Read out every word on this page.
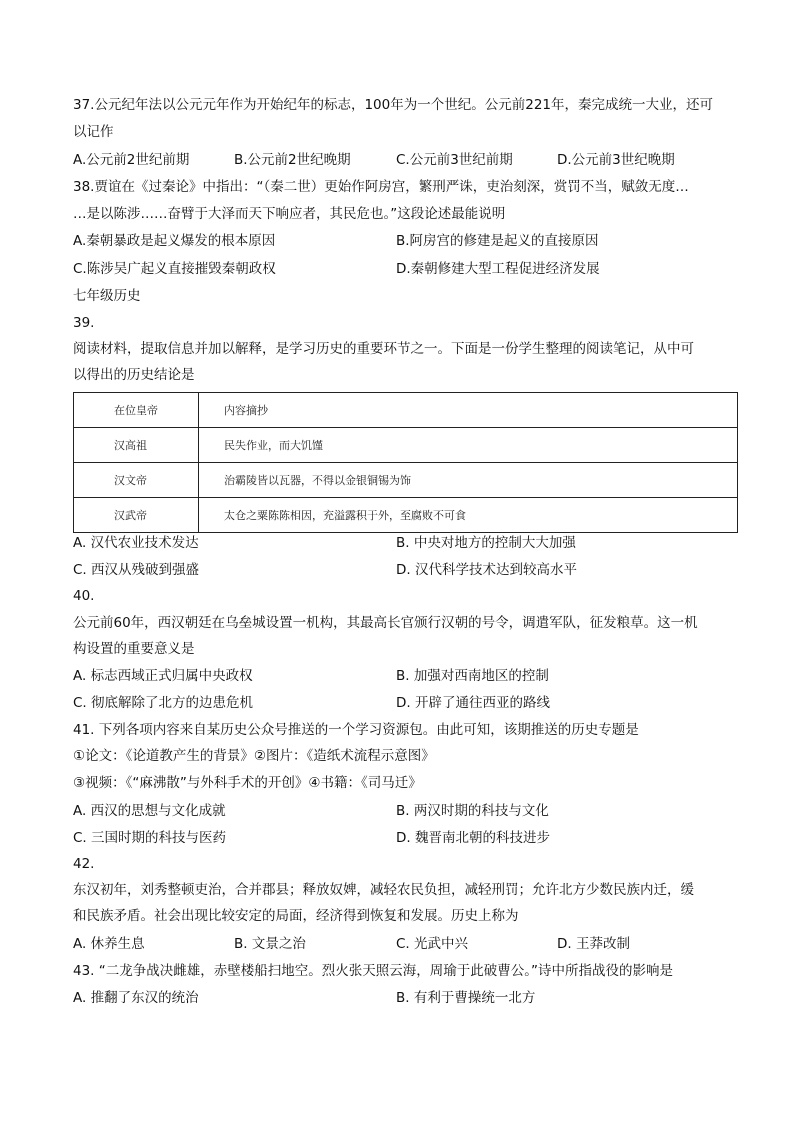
37.公元纪年法以公元元年作为开始纪年的标志，100年为一个世纪。公元前221年，秦完成统一大业，还可
以记作
A.公元前2世纪前期	B.公元前2世纪晚期	C.公元前3世纪前期	D.公元前3世纪晚期
38.贾谊在《过秦论》中指出：“（秦二世）更始作阿房宫，繁刑严诛，吏治刻深，赏罚不当，赋敛无度…
…是以陈涉……奋臂于大泽而天下响应者，其民危也。”这段论述最能说明
A.秦朝暴政是起义爆发的根本原因	B.阿房宫的修建是起义的直接原因
C.陈涉吴广起义直接摧毁秦朝政权	D.秦朝修建大型工程促进经济发展
七年级历史
39.
阅读材料，提取信息并加以解释，是学习历史的重要环节之一。下面是一份学生整理的阅读笔记，从中可
以得出的历史结论是
在位皇帝	内容摘抄
汉高祖	民失作业，而大饥馑
汉文帝	治霸陵皆以瓦器，不得以金银铜锡为饰
汉武帝	太仓之粟陈陈相因，充溢露积于外，至腐败不可食
A. 汉代农业技术发达	B. 中央对地方的控制大大加强
C. 西汉从残破到强盛	D. 汉代科学技术达到较高水平
40.
公元前60年，西汉朝廷在乌垒城设置一机构，其最高长官颁行汉朝的号令，调遣军队，征发粮草。这一机
构设置的重要意义是
A. 标志西域正式归属中央政权	B. 加强对西南地区的控制
C. 彻底解除了北方的边患危机	D. 开辟了通往西亚的路线
41. 下列各项内容来自某历史公众号推送的一个学习资源包。由此可知，该期推送的历史专题是
①论文：《论道教产生的背景》②图片：《造纸术流程示意图》
③视频：《“麻沸散”与外科手术的开创》④书籍：《司马迁》
A. 西汉的思想与文化成就	B. 两汉时期的科技与文化
C. 三国时期的科技与医药	D. 魏晋南北朝的科技进步
42.
东汉初年，刘秀整顿吏治，合并郡县；释放奴婢，减轻农民负担，减轻刑罚；允许北方少数民族内迁，缓
和民族矛盾。社会出现比较安定的局面，经济得到恢复和发展。历史上称为
A. 休养生息	B. 文景之治	C. 光武中兴	D. 王莽改制
43. “二龙争战决雌雄，赤壁楼船扫地空。烈火张天照云海，周瑜于此破曹公。”诗中所指战役的影响是
A. 推翻了东汉的统治	B. 有利于曹操统一北方
